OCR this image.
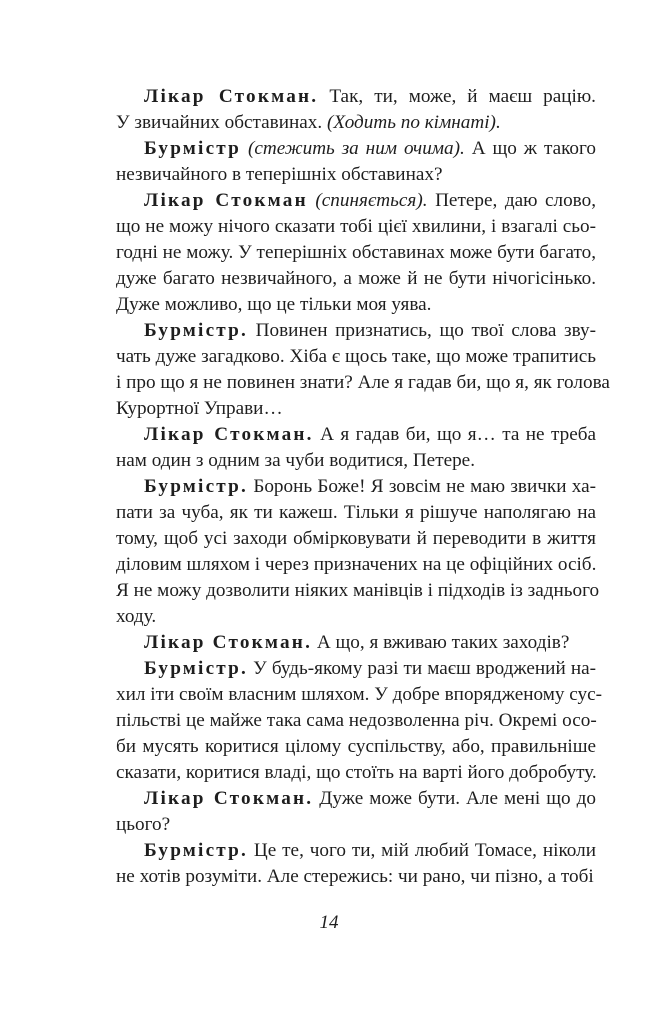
Лікар Стокман. Так, ти, може, й маєш рацію.
У звичайних обставинах. (Ходить по кімнаті).
Бурмістр (стежить за ним очима). А що ж такого
незвичайного в теперішніх обставинах?
Лікар Стокман (спиняється). Петере, даю слово,
що не можу нічого сказати тобі цієї хвилини, і взагалі сьо-
годні не можу. У теперішніх обставинах може бути багато,
дуже багато незвичайного, а може й не бути нічогісінько.
Дуже можливо, що це тільки моя уява.
Бурмістр. Повинен признатись, що твої слова зву-
чать дуже загадково. Хіба є щось таке, що може трапитись
і про що я не повинен знати? Але я гадав би, що я, як голова
Курортної Управи…
Лікар Стокман. А я гадав би, що я… та не треба
нам один з одним за чуби водитися, Петере.
Бурмістр. Боронь Боже! Я зовсім не маю звички ха-
пати за чуба, як ти кажеш. Тільки я рішуче наполягаю на
тому, щоб усі заходи обмірковувати й переводити в життя
діловим шляхом і через призначених на це офіційних осіб.
Я не можу дозволити ніяких манівців і підходів із заднього
ходу.
Лікар Стокман. А що, я вживаю таких заходів?
Бурмістр. У будь-якому разі ти маєш вроджений на-
хил іти своїм власним шляхом. У добре впорядженому сус-
пільстві це майже така сама недозволенна річ. Окремі осо-
би мусять коритися цілому суспільству, або, правильніше
сказати, коритися владі, що стоїть на варті його добробуту.
Лікар Стокман. Дуже може бути. Але мені що до
цього?
Бурмістр. Це те, чого ти, мій любий Томасе, ніколи
не хотів розуміти. Але стережись: чи рано, чи пізно, а тобі
14
